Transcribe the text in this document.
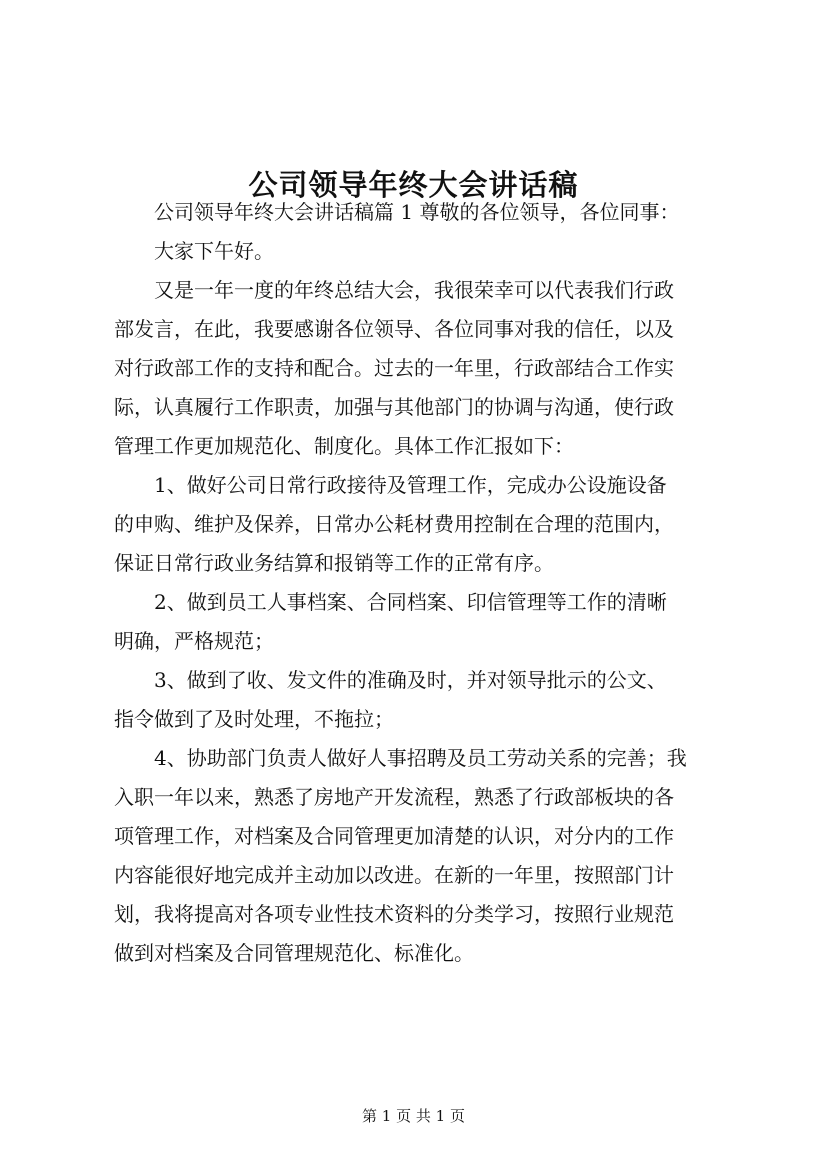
公司领导年终大会讲话稿

公司领导年终大会讲话稿篇 1 尊敬的各位领导，各位同事：

大家下午好。

又是一年一度的年终总结大会，我很荣幸可以代表我们行政
部发言，在此，我要感谢各位领导、各位同事对我的信任，以及
对行政部工作的支持和配合。过去的一年里，行政部结合工作实
际，认真履行工作职责，加强与其他部门的协调与沟通，使行政
管理工作更加规范化、制度化。具体工作汇报如下：

1、做好公司日常行政接待及管理工作，完成办公设施设备
的申购、维护及保养，日常办公耗材费用控制在合理的范围内，
保证日常行政业务结算和报销等工作的正常有序。

2、做到员工人事档案、合同档案、印信管理等工作的清晰
明确，严格规范；

3、做到了收、发文件的准确及时，并对领导批示的公文、
指令做到了及时处理，不拖拉；

4、协助部门负责人做好人事招聘及员工劳动关系的完善；我
入职一年以来，熟悉了房地产开发流程，熟悉了行政部板块的各
项管理工作，对档案及合同管理更加清楚的认识，对分内的工作
内容能很好地完成并主动加以改进。在新的一年里，按照部门计
划，我将提高对各项专业性技术资料的分类学习，按照行业规范
做到对档案及合同管理规范化、标准化。

第 1 页 共 1 页
